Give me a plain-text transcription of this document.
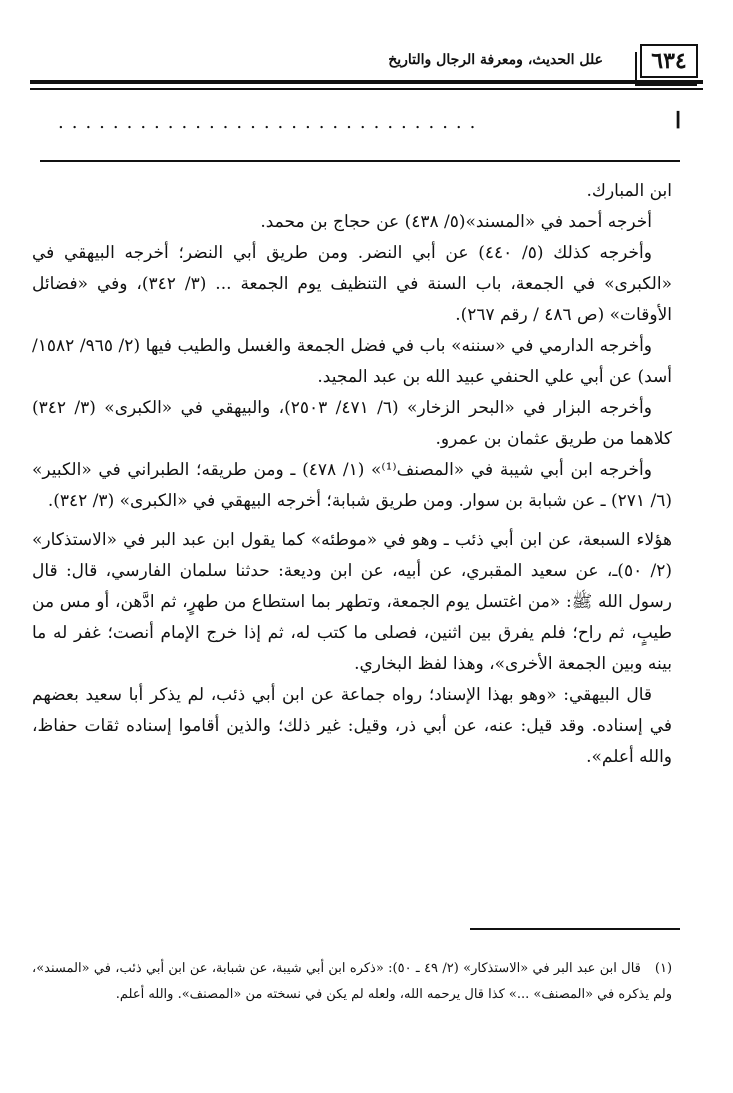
٦٣٤
علل الحديث، ومعرفة الرجال والتاريخ
ا
...............................

ابن المبارك.

أخرجه أحمد في «المسند»(٥/ ٤٣٨) عن حجاج بن محمد.

وأخرجه كذلك (٥/ ٤٤٠) عن أبي النضر. ومن طريق أبي النضر؛ أخرجه البيهقي في «الكبرى» في الجمعة، باب السنة في التنظيف يوم الجمعة ... (٣/ ٣٤٢)، وفي «فضائل الأوقات» (ص ٤٨٦ / رقم ٢٦٧).

وأخرجه الدارمي في «سننه» باب في فضل الجمعة والغسل والطيب فيها (٢/ ٩٦٥/ ١٥٨٢/ أسد) عن أبي علي الحنفي عبيد الله بن عبد المجيد.

وأخرجه البزار في «البحر الزخار» (٦/ ٤٧١/ ٢٥٠٣)، والبيهقي في «الكبرى» (٣/ ٣٤٢) كلاهما من طريق عثمان بن عمرو.

وأخرجه ابن أبي شيبة في «المصنف⁽¹⁾» (١/ ٤٧٨) ـ ومن طريقه؛ الطبراني في «الكبير» (٦/ ٢٧١) ـ عن شبابة بن سوار. ومن طريق شبابة؛ أخرجه البيهقي في «الكبرى» (٣/ ٣٤٢).

هؤلاء السبعة، عن ابن أبي ذئب ـ وهو في «موطئه» كما يقول ابن عبد البر في «الاستذكار» (٢/ ٥٠)ـ، عن سعيد المقبري، عن أبيه، عن ابن وديعة: حدثنا سلمان الفارسي، قال: قال رسول الله ﷺ: «من اغتسل يوم الجمعة، وتطهر بما استطاع من طهرٍ، ثم ادَّهن، أو مس من طيبٍ، ثم راح؛ فلم يفرق بين اثنين، فصلى ما كتب له، ثم إذا خرج الإمام أنصت؛ غفر له ما بينه وبين الجمعة الأخرى»، وهذا لفظ البخاري.

قال البيهقي: «وهو بهذا الإسناد؛ رواه جماعة عن ابن أبي ذئب، لم يذكر أبا سعيد بعضهم في إسناده. وقد قيل: عنه، عن أبي ذر، وقيل: غير ذلك؛ والذين أقاموا إسناده ثقات حفاظ، والله أعلم».

(١)قال ابن عبد البر في «الاستذكار» (٢/ ٤٩ ـ ٥٠): «ذكره ابن أبي شيبة، عن شبابة، عن ابن أبي ذئب، في «المسند»، ولم يذكره في «المصنف» ...» كذا قال يرحمه الله، ولعله لم يكن في نسخته من «المصنف». والله أعلم.
